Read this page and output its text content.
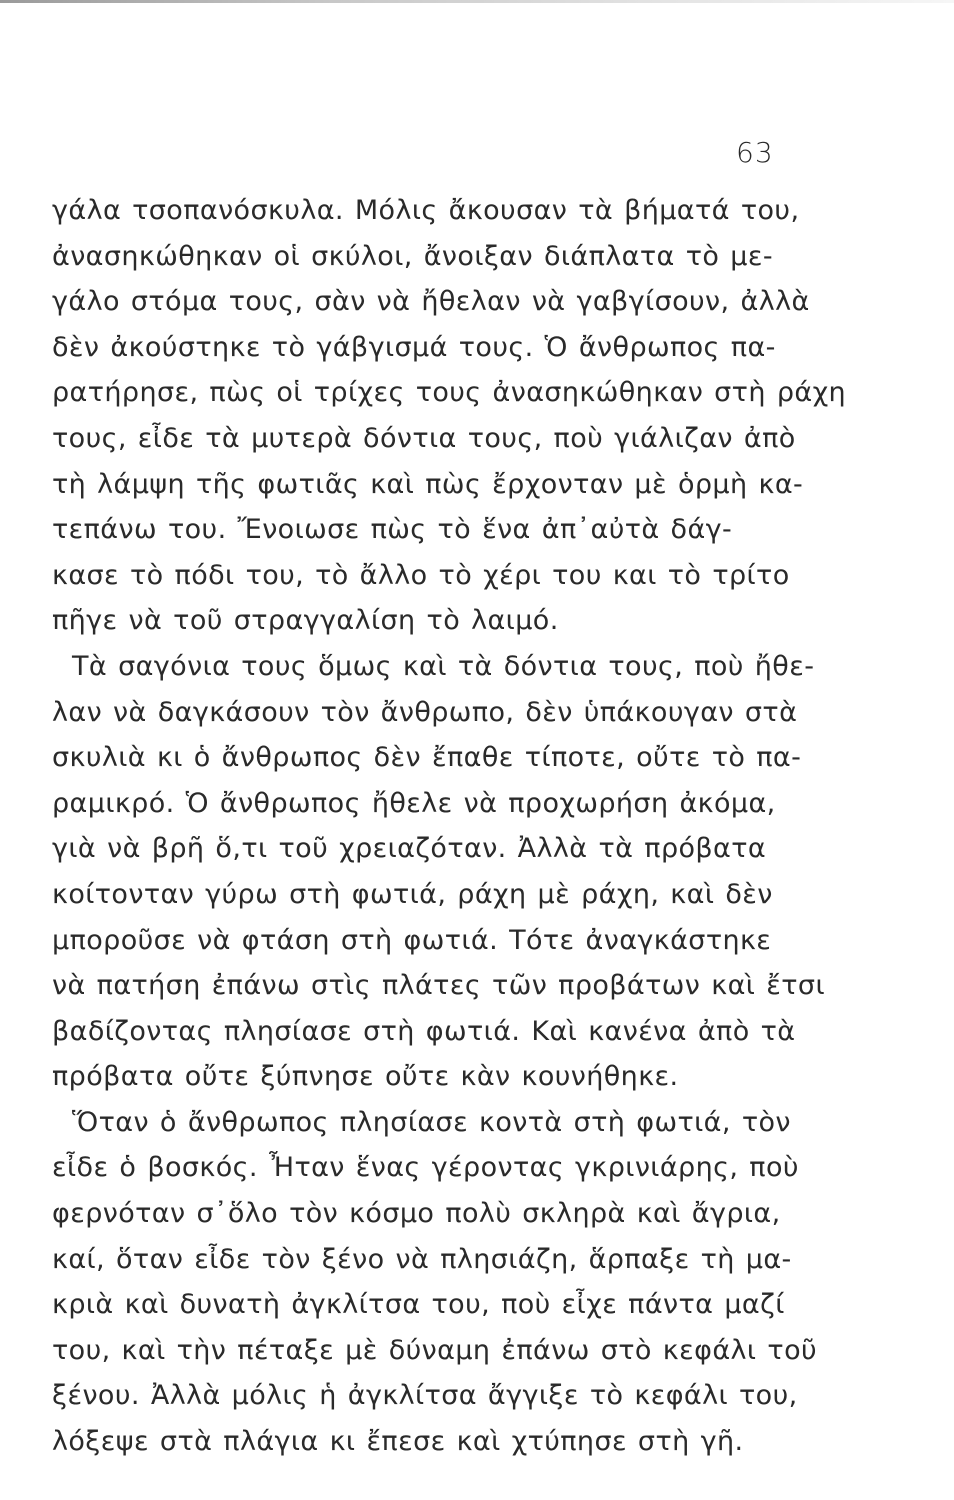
63
γάλα τσοπανόσκυλα. Μόλις ἄκουσαν τὰ βήματά του,
ἀνασηκώθηκαν οἱ σκύλοι, ἄνοιξαν διάπλατα τὸ με-
γάλο στόμα τους, σὰν νὰ ἤθελαν νὰ γαβγίσουν, ἀλλὰ
δὲν ἀκούστηκε τὸ γάβγισμά τους. Ὁ ἄνθρωπος πα-
ρατήρησε, πὼς οἱ τρίχες τους ἀνασηκώθηκαν στὴ ράχη
τους, εἶδε τὰ μυτερὰ δόντια τους, ποὺ γιάλιζαν ἀπὸ
τὴ λάμψη τῆς φωτιᾶς καὶ πὼς ἔρχονταν μὲ ὁρμὴ κα-
τεπάνω του. Ἔνοιωσε πὼς τὸ ἕνα ἀπ᾽αὐτὰ δάγ-
κασε τὸ πόδι του, τὸ ἄλλο τὸ χέρι του και τὸ τρίτο
πῆγε νὰ τοῦ στραγγαλίση τὸ λαιμό.
Τὰ σαγόνια τους ὅμως καὶ τὰ δόντια τους, ποὺ ἤθε-
λαν νὰ δαγκάσουν τὸν ἄνθρωπο, δὲν ὑπάκουγαν στὰ
σκυλιὰ κι ὁ ἄνθρωπος δὲν ἔπαθε τίποτε, οὔτε τὸ πα-
ραμικρό. Ὁ ἄνθρωπος ἤθελε νὰ προχωρήση ἀκόμα,
γιὰ νὰ βρῆ ὅ,τι τοῦ χρειαζόταν. Ἀλλὰ τὰ πρόβατα
κοίτονταν γύρω στὴ φωτιά, ράχη μὲ ράχη, καὶ δὲν
μποροῦσε νὰ φτάση στὴ φωτιά. Τότε ἀναγκάστηκε
νὰ πατήση ἐπάνω στὶς πλάτες τῶν προβάτων καὶ ἔτσι
βαδίζοντας πλησίασε στὴ φωτιά. Καὶ κανένα ἀπὸ τὰ
πρόβατα οὔτε ξύπνησε οὔτε κὰν κουνήθηκε.
Ὅταν ὁ ἄνθρωπος πλησίασε κοντὰ στὴ φωτιά, τὸν
εἶδε ὁ βοσκός. Ἦταν ἕνας γέροντας γκρινιάρης, ποὺ
φερνόταν σ᾽ὅλο τὸν κόσμο πολὺ σκληρὰ καὶ ἄγρια,
καί, ὅταν εἶδε τὸν ξένο νὰ πλησιάζη, ἅρπαξε τὴ μα-
κριὰ καὶ δυνατὴ ἀγκλίτσα του, ποὺ εἶχε πάντα μαζί
του, καὶ τὴν πέταξε μὲ δύναμη ἐπάνω στὸ κεφάλι τοῦ
ξένου. Ἀλλὰ μόλις ἡ ἀγκλίτσα ἄγγιξε τὸ κεφάλι του,
λόξεψε στὰ πλάγια κι ἔπεσε καὶ χτύπησε στὴ γῆ.
